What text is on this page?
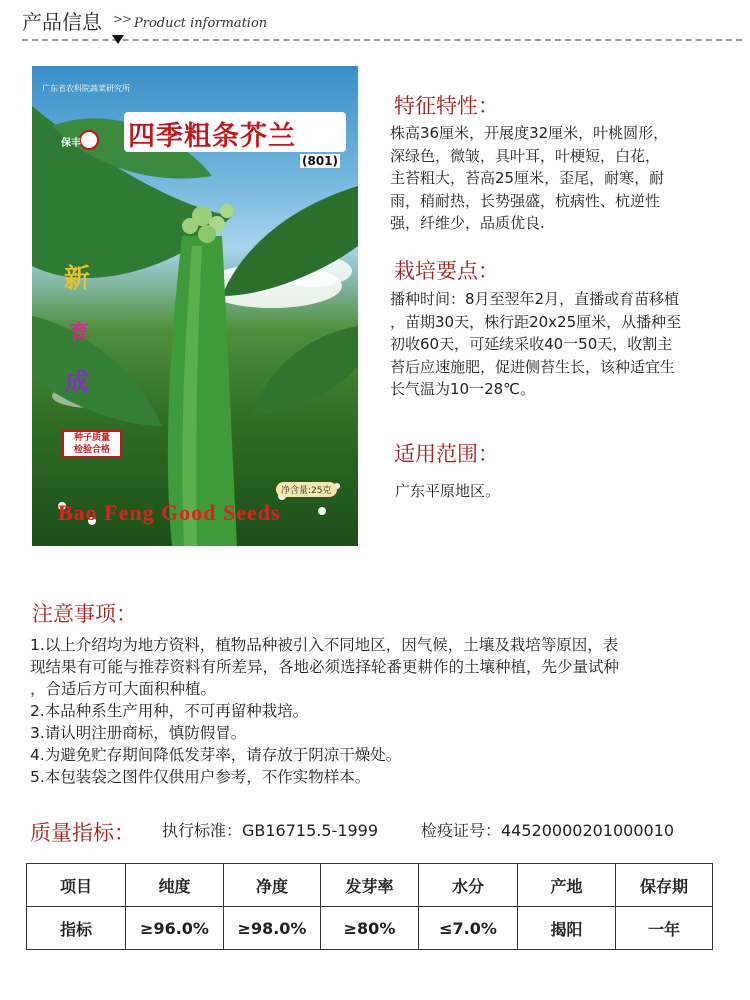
产品信息 >> Product information
广东省农科院蔬菜研究所
保丰 四季粗条芥兰
(801)
新
育
成
种子质量
检验合格
净含量:25克
Bao Feng Good Seeds
特征特性：
株高36厘米，开展度32厘米，叶桃圆形，
深绿色，微皱，具叶耳，叶梗短，白花，
主苔粗大，苔高25厘米，歪尾，耐寒，耐
雨，稍耐热，长势强盛，杭病性、杭逆性
强，纤维少，品质优良.
栽培要点：
播种时间：8月至翌年2月，直播或育苗移植
，苗期30天，株行距20x25厘米，从播种至
初收60天，可延续采收40一50天，收割主
苔后应速施肥，促进侧苔生长，该种适宜生
长气温为10一28℃。
适用范围：
广东平原地区。
注意事项：
1.以上介绍均为地方资料，植物品种被引入不同地区，因气候，土壤及栽培等原因，表
现结果有可能与推荐资料有所差异，各地必须选择轮番更耕作的土壤种植，先少量试种
，合适后方可大面积种植。
2.本品种系生产用种，不可再留种栽培。
3.请认明注册商标，慎防假冒。
4.为避免贮存期间降低发芽率，请存放于阴凉干燥处。
5.本包装袋之图件仅供用户参考，不作实物样本。
质量指标： 执行标准：GB16715.5-1999	检疫证号：44520000201000010
项目	纯度	净度	发芽率	水分	产地	保存期
指标	≥96.0%	≥98.0%	≥80%	≤7.0%	揭阳	一年
